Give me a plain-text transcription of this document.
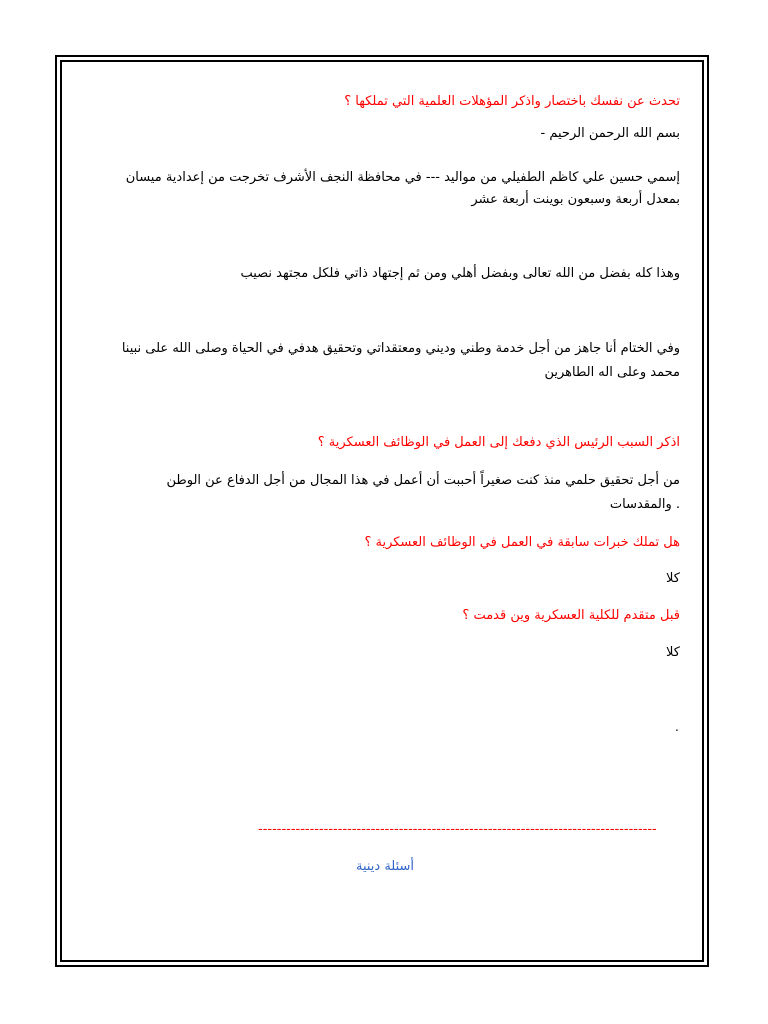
تحدث عن نفسك باختصار واذكر المؤهلات العلمية التي تملكها ؟
بسم الله الرحمن الرحيم -
إسمي حسين علي كاظم الطفيلي من مواليد --- في محافظة النجف الأشرف تخرجت من إعدادية ميسان
بمعدل أربعة وسبعون بوينت أربعة عشر
وهذا كله بفضل من الله تعالى وبفضل أهلي ومن ثم إجتهاد ذاتي فلكل مجتهد نصيب
وفي الختام أنا جاهز من أجل خدمة وطني وديني ومعتقداتي وتحقيق هدفي في الحياة وصلى الله على نبينا
محمد وعلى اله الطاهرين
اذكر السبب الرئيس الذي دفعك إلى العمل في الوظائف العسكرية ؟
من أجل تحقيق حلمي منذ كنت صغيراً أحببت أن أعمل في هذا المجال من أجل الدفاع عن الوطن
. والمقدسات
هل تملك خبرات سابقة في العمل في الوظائف العسكرية ؟
كلا
قبل متقدم للكلية العسكرية وين قدمت ؟
كلا
.
-------------------------------------------------------------------------------------
أسئلة دينية
